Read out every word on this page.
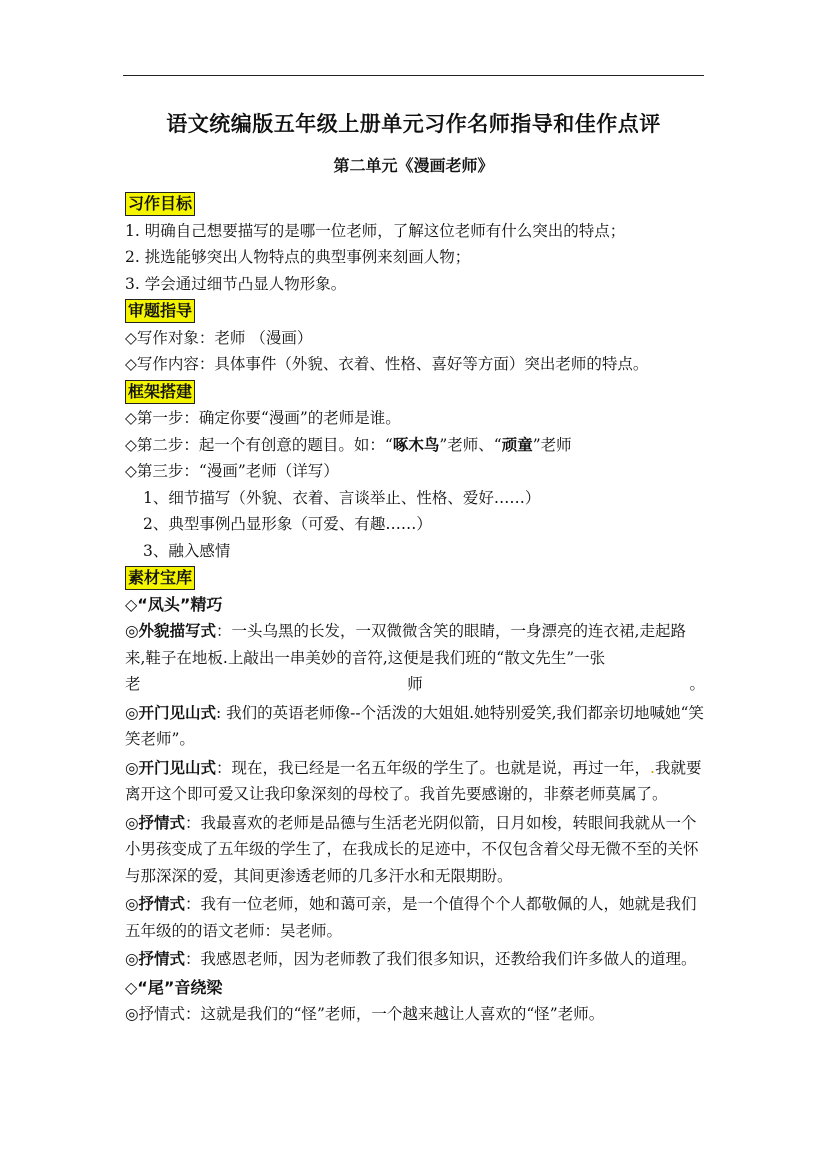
语文统编版五年级上册单元习作名师指导和佳作点评
第二单元《漫画老师》
习作目标
1. 明确自己想要描写的是哪一位老师，了解这位老师有什么突出的特点；
2. 挑选能够突出人物特点的典型事例来刻画人物；
3. 学会通过细节凸显人物形象。
审题指导
◇写作对象：老师 （漫画）
◇写作内容：具体事件（外貌、衣着、性格、喜好等方面）突出老师的特点。
框架搭建
◇第一步：确定你要“漫画”的老师是谁。
◇第二步：起一个有创意的题目。如：“啄木鸟”老师、“顽童”老师
◇第三步：“漫画”老师（详写）
1、细节描写（外貌、衣着、言谈举止、性格、爱好……）
2、典型事例凸显形象（可爱、有趣……）
3、融入感情
素材宝库
◇“凤头”精巧
◎外貌描写式：一头乌黑的长发，一双微微含笑的眼睛，一身漂亮的连衣裙,走起路来,鞋子在地板.上敲出一串美妙的音符,这便是我们班的“散文先生”一张
老	师	。
◎开门见山式: 我们的英语老师像--个活泼的大姐姐.她特别爱笑,我们都亲切地喊她“笑笑老师”。
◎开门见山式：现在，我已经是一名五年级的学生了。也就是说，再过一年，.我就要离开这个即可爱又让我印象深刻的母校了。我首先要感谢的，非蔡老师莫属了。
◎抒情式：我最喜欢的老师是品德与生活老光阴似箭，日月如梭，转眼间我就从一个小男孩变成了五年级的学生了，在我成长的足迹中，不仅包含着父母无微不至的关怀与那深深的爱，其间更渗透老师的几多汗水和无限期盼。
◎抒情式：我有一位老师，她和蔼可亲，是一个值得个个人都敬佩的人，她就是我们五年级的的语文老师：吴老师。
◎抒情式：我感恩老师，因为老师教了我们很多知识，还教给我们许多做人的道理。
◇“尾”音绕梁
◎抒情式：这就是我们的“怪”老师，一个越来越让人喜欢的“怪”老师。
